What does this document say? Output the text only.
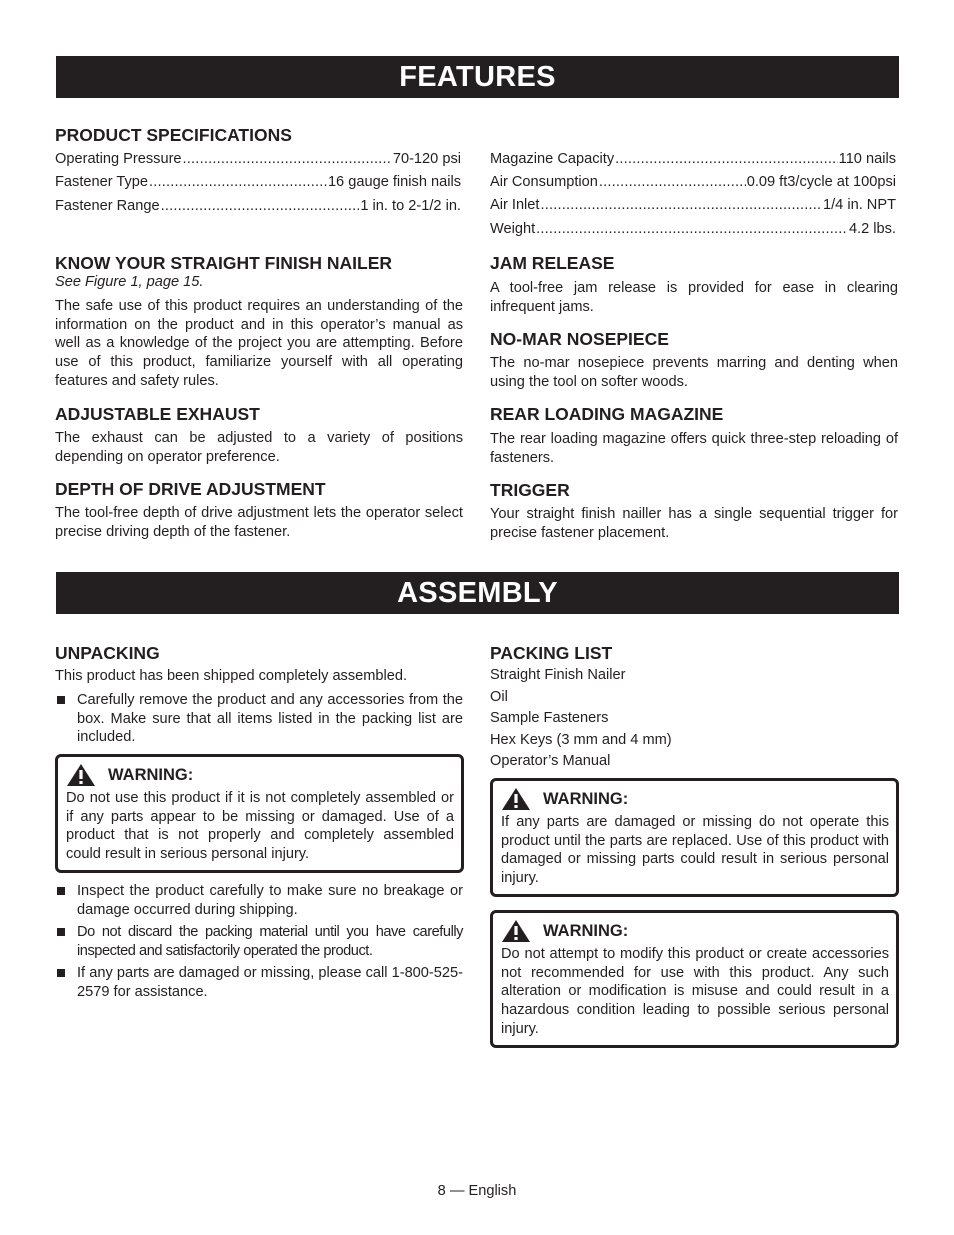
FEATURES
PRODUCT SPECIFICATIONS
Operating Pressure .....	70-120 psi
Fastener Type .....	16 gauge finish nails
Fastener Range .....	1 in. to 2-1/2 in.
KNOW YOUR STRAIGHT FINISH NAILER

See Figure 1, page 15.

The safe use of this product requires an understanding of the information on the product and in this operator’s manual as well as a knowledge of the project you are attempting. Before use of this product, familiarize yourself with all operating features and safety rules.

ADJUSTABLE EXHAUST

The exhaust can be adjusted to a variety of positions depending on operator preference.

DEPTH OF DRIVE ADJUSTMENT

The tool-free depth of drive adjustment lets the operator select precise driving depth of the fastener.

Magazine Capacity .....	110 nails
Air Consumption .....	0.09 ft3/cycle at 100psi
Air Inlet .....	1/4 in. NPT
Weight .....	4.2 lbs.
JAM RELEASE

A tool-free jam release is provided for ease in clearing infrequent jams.

NO-MAR NOSEPIECE

The no-mar nosepiece prevents marring and denting when using the tool on softer woods.

REAR LOADING MAGAZINE

The rear loading magazine offers quick three-step reloading of fasteners.

TRIGGER

Your straight finish nailler has a single sequential trigger for precise fastener placement.

ASSEMBLY
UNPACKING

This product has been shipped completely assembled.

Carefully remove the product and any accessories from the box. Make sure that all items listed in the packing list are included.
WARNING:

Do not use this product if it is not completely assembled or if any parts appear to be missing or damaged. Use of a product that is not properly and completely assembled could result in serious personal injury.

Inspect the product carefully to make sure no breakage or damage occurred during shipping.
Do not discard the packing material until you have carefully inspected and satisfactorily operated the product.
If any parts are damaged or missing, please call 1-800-525-2579 for assistance.
PACKING LIST
Straight Finish Nailer
Oil
Sample Fasteners
Hex Keys (3 mm and 4 mm)
Operator’s Manual
WARNING:

If any parts are damaged or missing do not operate this product until the parts are replaced. Use of this product with damaged or missing parts could result in serious personal injury.

WARNING:

Do not attempt to modify this product or create accessories not recommended for use with this product. Any such alteration or modification is misuse and could result in a hazardous condition leading to possible serious personal injury.

8 — English
